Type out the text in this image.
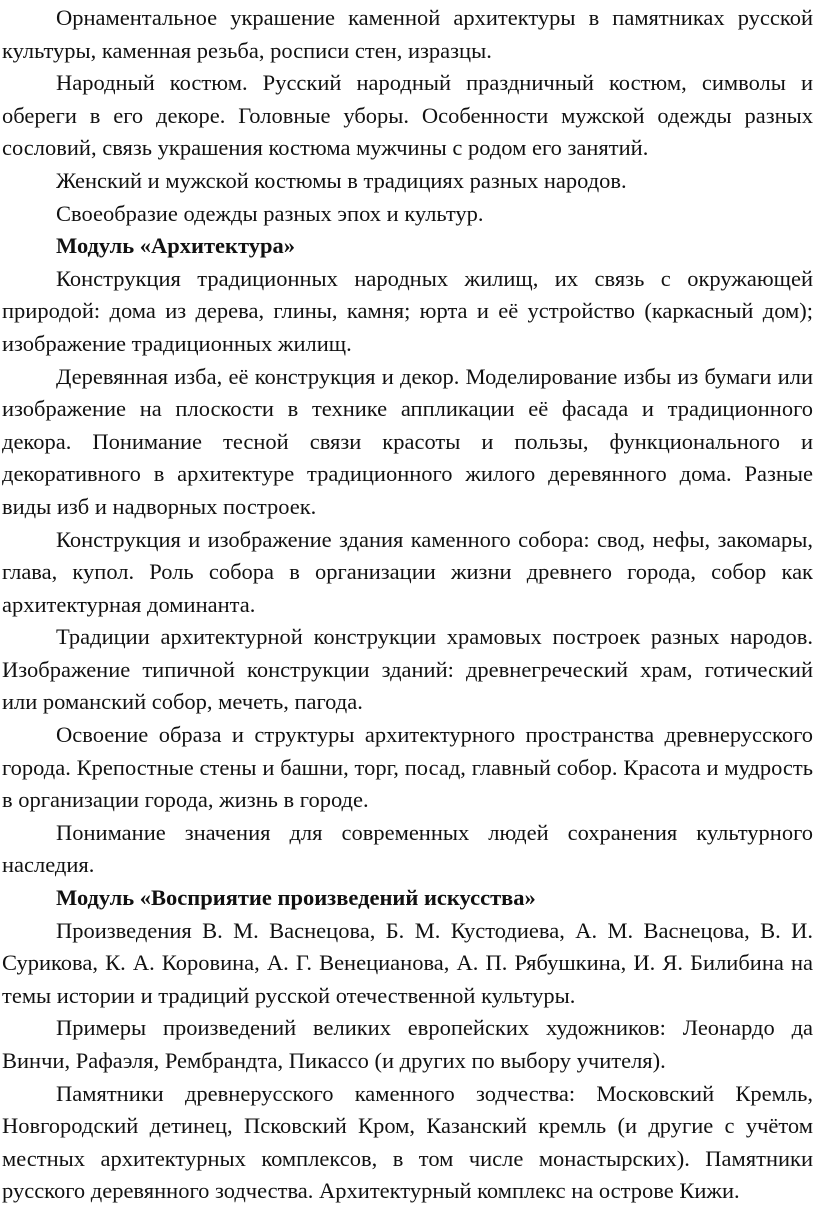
Орнаментальное украшение каменной архитектуры в памятниках русской культуры, каменная резьба, росписи стен, изразцы.

Народный костюм. Русский народный праздничный костюм, символы и обереги в его декоре. Головные уборы. Особенности мужской одежды разных сословий, связь украшения костюма мужчины с родом его занятий.

Женский и мужской костюмы в традициях разных народов.

Своеобразие одежды разных эпох и культур.

Модуль «Архитектура»

Конструкция традиционных народных жилищ, их связь с окружающей природой: дома из дерева, глины, камня; юрта и её устройство (каркасный дом); изображение традиционных жилищ.

Деревянная изба, её конструкция и декор. Моделирование избы из бумаги или изображение на плоскости в технике аппликации её фасада и традиционного декора. Понимание тесной связи красоты и пользы, функционального и декоративного в архитектуре традиционного жилого деревянного дома. Разные виды изб и надворных построек.

Конструкция и изображение здания каменного собора: свод, нефы, закомары, глава, купол. Роль собора в организации жизни древнего города, собор как архитектурная доминанта.

Традиции архитектурной конструкции храмовых построек разных народов. Изображение типичной конструкции зданий: древнегреческий храм, готический или романский собор, мечеть, пагода.

Освоение образа и структуры архитектурного пространства древнерусского города. Крепостные стены и башни, торг, посад, главный собор. Красота и мудрость в организации города, жизнь в городе.

Понимание значения для современных людей сохранения культурного наследия.

Модуль «Восприятие произведений искусства»

Произведения В. М. Васнецова, Б. М. Кустодиева, А. М. Васнецова, В. И. Сурикова, К. А. Коровина, А. Г. Венецианова, А. П. Рябушкина, И. Я. Билибина на темы истории и традиций русской отечественной культуры.

Примеры произведений великих европейских художников: Леонардо да Винчи, Рафаэля, Рембрандта, Пикассо (и других по выбору учителя).

Памятники древнерусского каменного зодчества: Московский Кремль, Новгородский детинец, Псковский Кром, Казанский кремль (и другие с учётом местных архитектурных комплексов, в том числе монастырских). Памятники русского деревянного зодчества. Архитектурный комплекс на острове Кижи.
